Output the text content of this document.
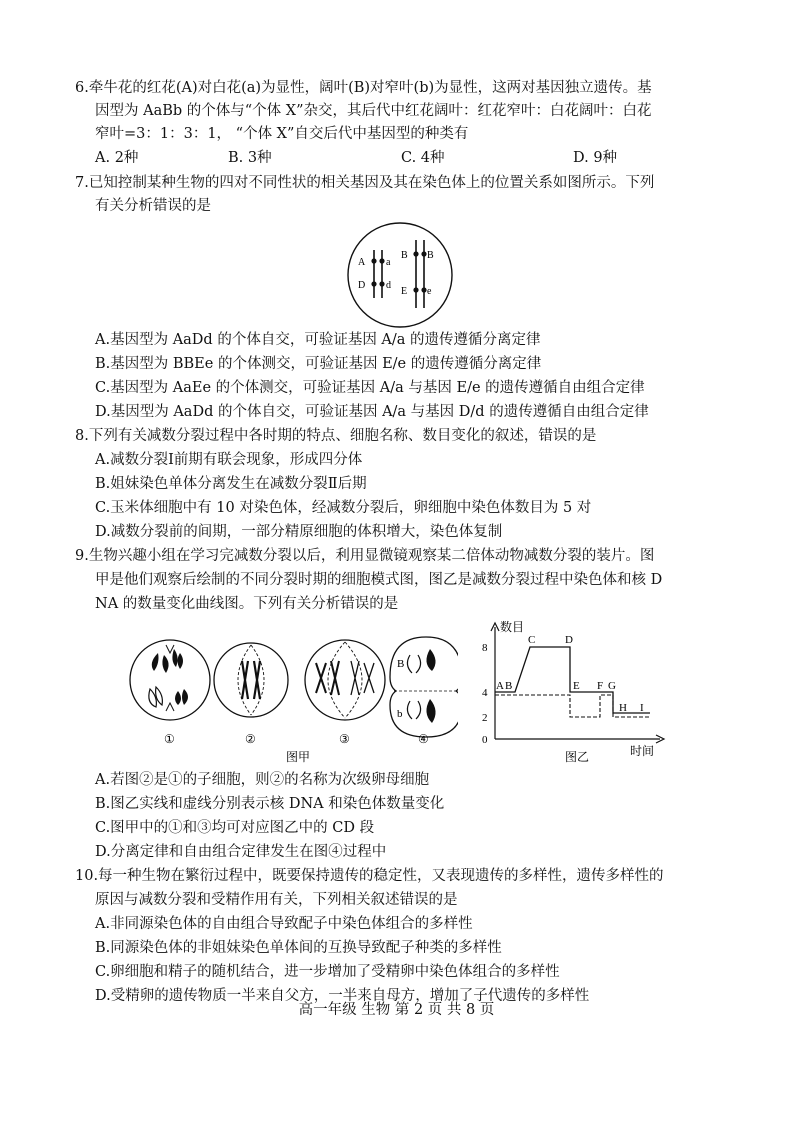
6.牵牛花的红花(A)对白花(a)为显性，阔叶(B)对窄叶(b)为显性，这两对基因独立遗传。基
因型为 AaBb 的个体与“个体 X”杂交，其后代中红花阔叶：红花窄叶：白花阔叶：白花
窄叶=3：1：3：1， “个体 X”自交后代中基因型的种类有
A. 2种	B. 3种	C. 4种	D. 9种
7.已知控制某种生物的四对不同性状的相关基因及其在染色体上的位置关系如图所示。下列
有关分析错误的是
A a
D d
B B
E e
A.基因型为 AaDd 的个体自交，可验证基因 A/a 的遗传遵循分离定律
B.基因型为 BBEe 的个体测交，可验证基因 E/e 的遗传遵循分离定律
C.基因型为 AaEe 的个体测交，可验证基因 A/a 与基因 E/e 的遗传遵循自由组合定律
D.基因型为 AaDd 的个体自交，可验证基因 A/a 与基因 D/d 的遗传遵循自由组合定律
8.下列有关减数分裂过程中各时期的特点、细胞名称、数目变化的叙述，错误的是
A.减数分裂Ⅰ前期有联会现象，形成四分体
B.姐妹染色单体分离发生在减数分裂Ⅱ后期
C.玉米体细胞中有 10 对染色体，经减数分裂后，卵细胞中染色体数目为 5 对
D.减数分裂前的间期，一部分精原细胞的体积增大，染色体复制
9.生物兴趣小组在学习完减数分裂以后，利用显微镜观察某二倍体动物减数分裂的装片。图
甲是他们观察后绘制的不同分裂时期的细胞模式图，图乙是减数分裂过程中染色体和核 D
NA 的数量变化曲线图。下列有关分析错误的是
B
b
①	②	③	④
图甲
数目
8
4
2
0
A B
C	D
E F G
H I
图乙	时间
A.若图②是①的子细胞，则②的名称为次级卵母细胞
B.图乙实线和虚线分别表示核 DNA 和染色体数量变化
C.图甲中的①和③均可对应图乙中的 CD 段
D.分离定律和自由组合定律发生在图④过程中
10.每一种生物在繁衍过程中，既要保持遗传的稳定性，又表现遗传的多样性，遗传多样性的
原因与减数分裂和受精作用有关，下列相关叙述错误的是
A.非同源染色体的自由组合导致配子中染色体组合的多样性
B.同源染色体的非姐妹染色单体间的互换导致配子种类的多样性
C.卵细胞和精子的随机结合，进一步增加了受精卵中染色体组合的多样性
D.受精卵的遗传物质一半来自父方，一半来自母方，增加了子代遗传的多样性
高一年级 生物 第 2 页 共 8 页
